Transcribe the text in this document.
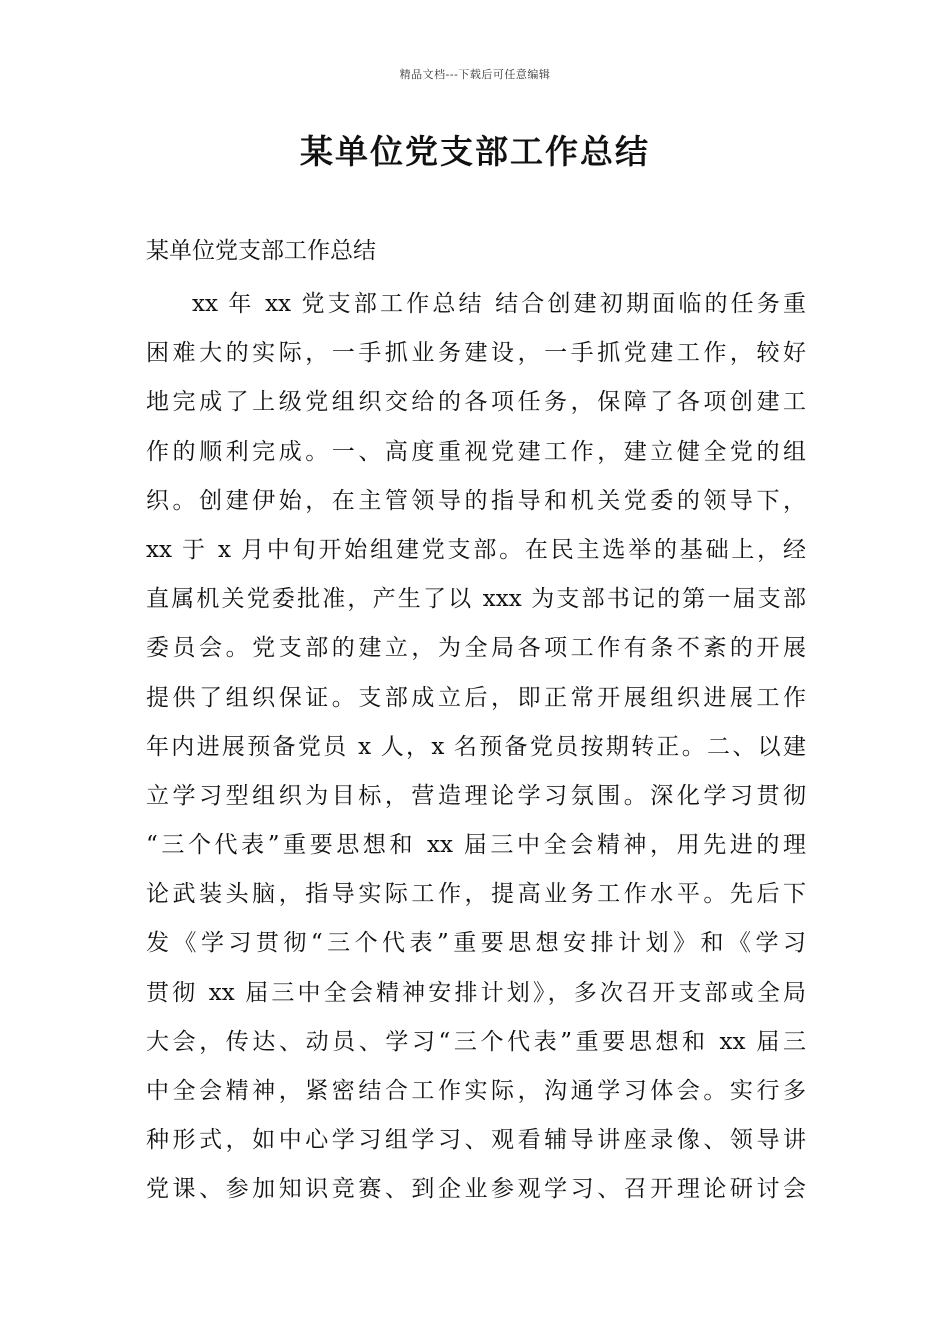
精品文档---下载后可任意编辑
某单位党支部工作总结

某单位党支部工作总结

xx 年 xx 党支部工作总结 结合创建初期面临的任务重
困难大的实际，一手抓业务建设，一手抓党建工作，较好
地完成了上级党组织交给的各项任务，保障了各项创建工
作的顺利完成。一、高度重视党建工作，建立健全党的组
织。创建伊始，在主管领导的指导和机关党委的领导下，
xx 于 x 月中旬开始组建党支部。在民主选举的基础上，经
直属机关党委批准，产生了以 xxx 为支部书记的第一届支部
委员会。党支部的建立，为全局各项工作有条不紊的开展
提供了组织保证。支部成立后，即正常开展组织进展工作
年内进展预备党员 x 人，x 名预备党员按期转正。二、以建
立学习型组织为目标，营造理论学习氛围。深化学习贯彻
“三个代表”重要思想和 xx 届三中全会精神，用先进的理
论武装头脑，指导实际工作，提高业务工作水平。先后下
发《学习贯彻“三个代表”重要思想安排计划》和《学习
贯彻 xx 届三中全会精神安排计划》，多次召开支部或全局
大会，传达、动员、学习“三个代表”重要思想和 xx 届三
中全会精神，紧密结合工作实际，沟通学习体会。实行多
种形式，如中心学习组学习、观看辅导讲座录像、领导讲
党课、参加知识竞赛、到企业参观学习、召开理论研讨会
